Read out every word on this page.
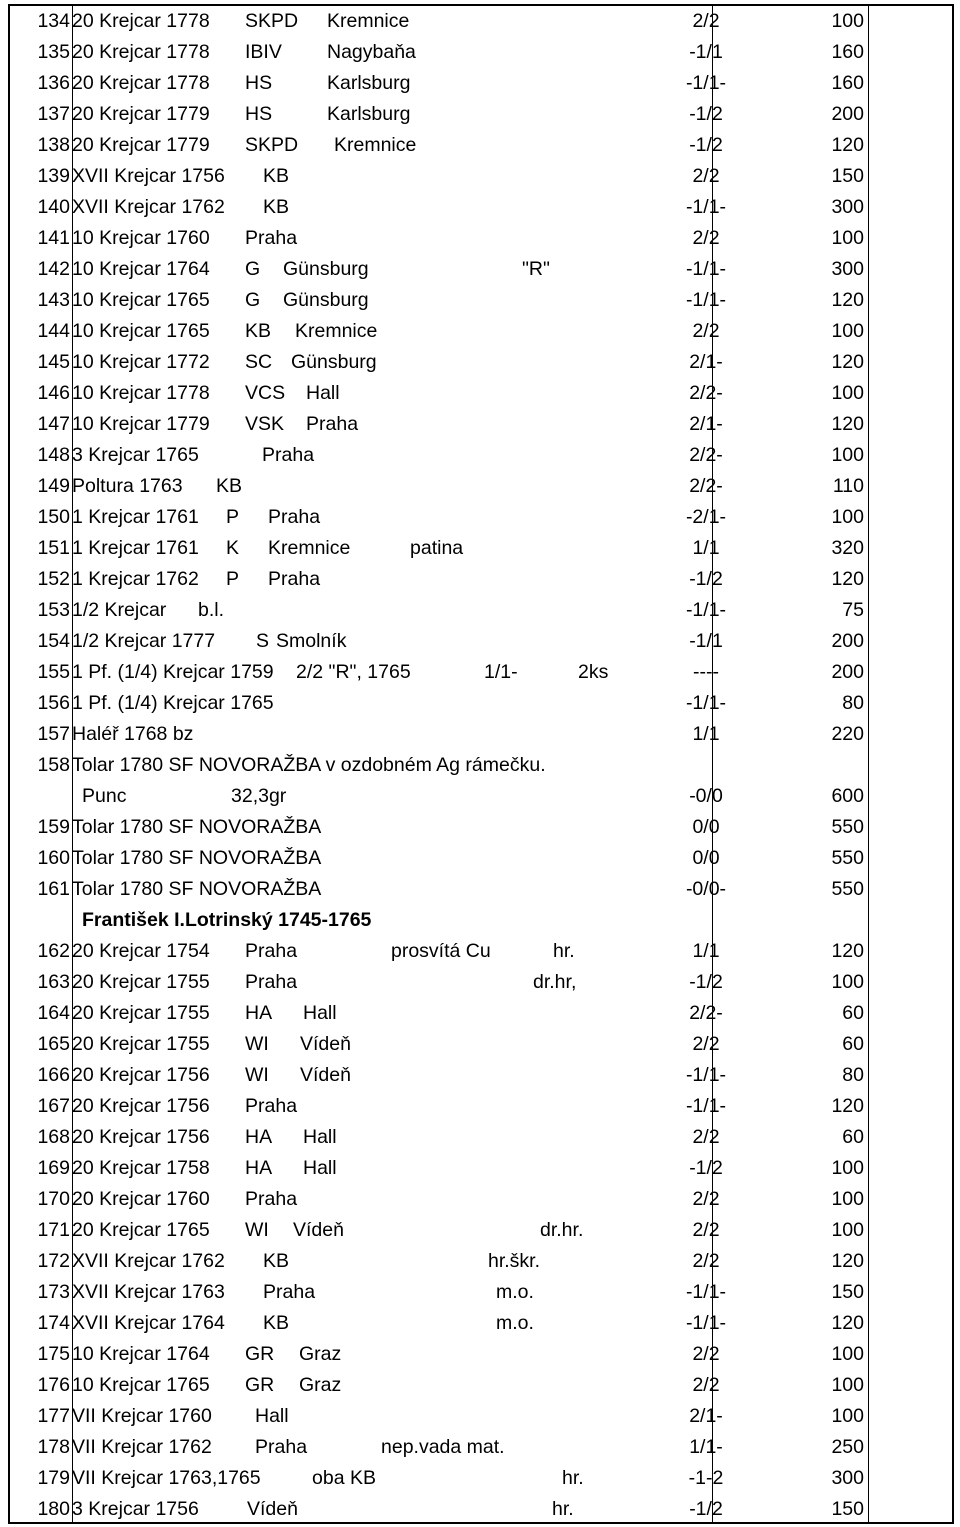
134 20 Krejcar 1778 SKPD Kremnice	2/2	100
135 20 Krejcar 1778 IBIV Nagybaňa	-1/1	160
136 20 Krejcar 1778 HS	Karlsburg	-1/1-	160
137 20 Krejcar 1779 HS	Karlsburg	-1/2	200
138 20 Krejcar 1779 SKPD Kremnice	-1/2	120
139 XVII Krejcar 1756 KB	2/2	150
140 XVII Krejcar 1762 KB	-1/1-	300
141 10 Krejcar 1760 Praha	2/2	100
142 10 Krejcar 1764 G Günsburg	"R"	-1/1-	300
143 10 Krejcar 1765 G Günsburg	-1/1-	120
144 10 Krejcar 1765 KB Kremnice	2/2	100
145 10 Krejcar 1772 SC Günsburg	2/1-	120
146 10 Krejcar 1778 VCS Hall	2/2-	100
147 10 Krejcar 1779 VSK Praha	2/1-	120
148 3 Krejcar 1765	Praha	2/2-	100
149 Poltura 1763 KB	2/2-	110
150 1 Krejcar 1761 P Praha	-2/1-	100
151 1 Krejcar 1761 K Kremnice	patina	1/1	320
152 1 Krejcar 1762 P Praha	-1/2	120
153 1/2 Krejcar b.l.	-1/1-	75
154 1/2 Krejcar 1777 S Smolník	-1/1	200
155 1 Pf. (1/4) Krejcar 1759 2/2 "R", 1765	1/1-	2ks	----	200
156 1 Pf. (1/4) Krejcar 1765	-1/1-	80
157 Haléř 1768 bz	1/1	220
158 Tolar 1780 SF NOVORAŽBA v ozdobném Ag rámečku.
Punc	32,3gr	-0/0	600
159 Tolar 1780 SF NOVORAŽBA	0/0	550
160 Tolar 1780 SF NOVORAŽBA	0/0	550
161 Tolar 1780 SF NOVORAŽBA	-0/0-	550
František I.Lotrinský 1745-1765
162 20 Krejcar 1754 Praha	prosvítá Cu	hr.	1/1	120
163 20 Krejcar 1755 Praha	dr.hr,	-1/2	100
164 20 Krejcar 1755 HA Hall	2/2-	60
165 20 Krejcar 1755 WI Vídeň	2/2	60
166 20 Krejcar 1756 WI Vídeň	-1/1-	80
167 20 Krejcar 1756 Praha	-1/1-	120
168 20 Krejcar 1756 HA Hall	2/2	60
169 20 Krejcar 1758 HA Hall	-1/2	100
170 20 Krejcar 1760 Praha	2/2	100
171 20 Krejcar 1765 WI Vídeň	dr.hr.	2/2	100
172 XVII Krejcar 1762 KB	hr.škr.	2/2	120
173 XVII Krejcar 1763 Praha	m.o.	-1/1-	150
174 XVII Krejcar 1764 KB	m.o.	-1/1-	120
175 10 Krejcar 1764 GR Graz	2/2	100
176 10 Krejcar 1765 GR Graz	2/2	100
177 VII Krejcar 1760 Hall	2/1-	100
178 VII Krejcar 1762 Praha	nep.vada mat.	1/1-	250
179 VII Krejcar 1763,1765	oba KB	hr.	-1-2	300
180 3 Krejcar 1756 Vídeň	hr.	-1/2	150
